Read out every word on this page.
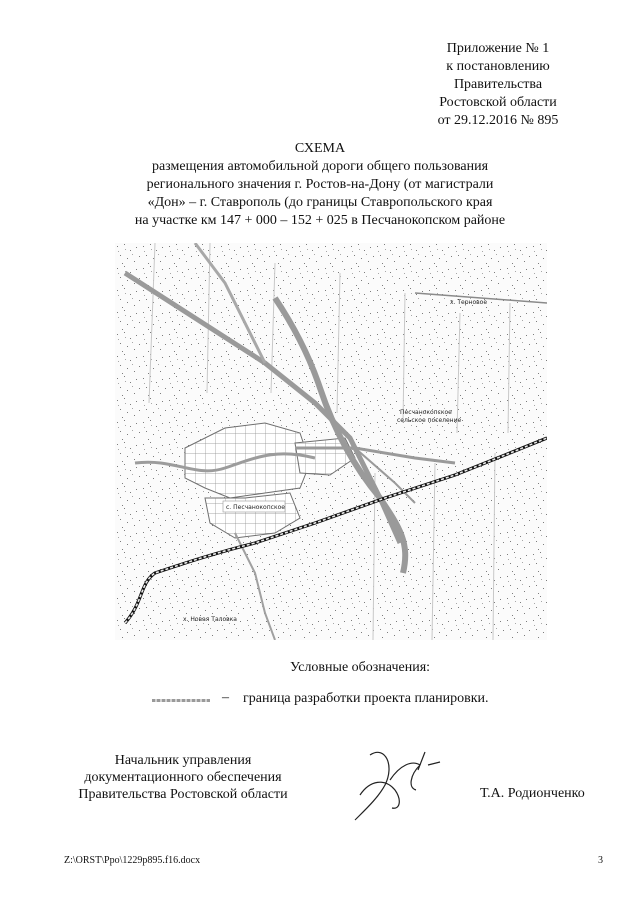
Приложение № 1
к постановлению
Правительства
Ростовской области
от 29.12.2016 № 895
СХЕМА
размещения автомобильной дороги общего пользования
регионального значения г. Ростов-на-Дону (от магистрали
«Дон» – г. Ставрополь (до границы Ставропольского края
на участке км 147 + 000 – 152 + 025 в Песчанокопском районе
х. Терновое
Песчанокопское
сельское поселение
с. Песчанокопское
х. Новая Таловка
Условные обозначения:
– граница разработки проекта планировки.
Начальник управления
документационного обеспечения
Правительства Ростовской области	Т.А. Родионченко
Z:\ORST\Ppo\1229p895.f16.docx	3
